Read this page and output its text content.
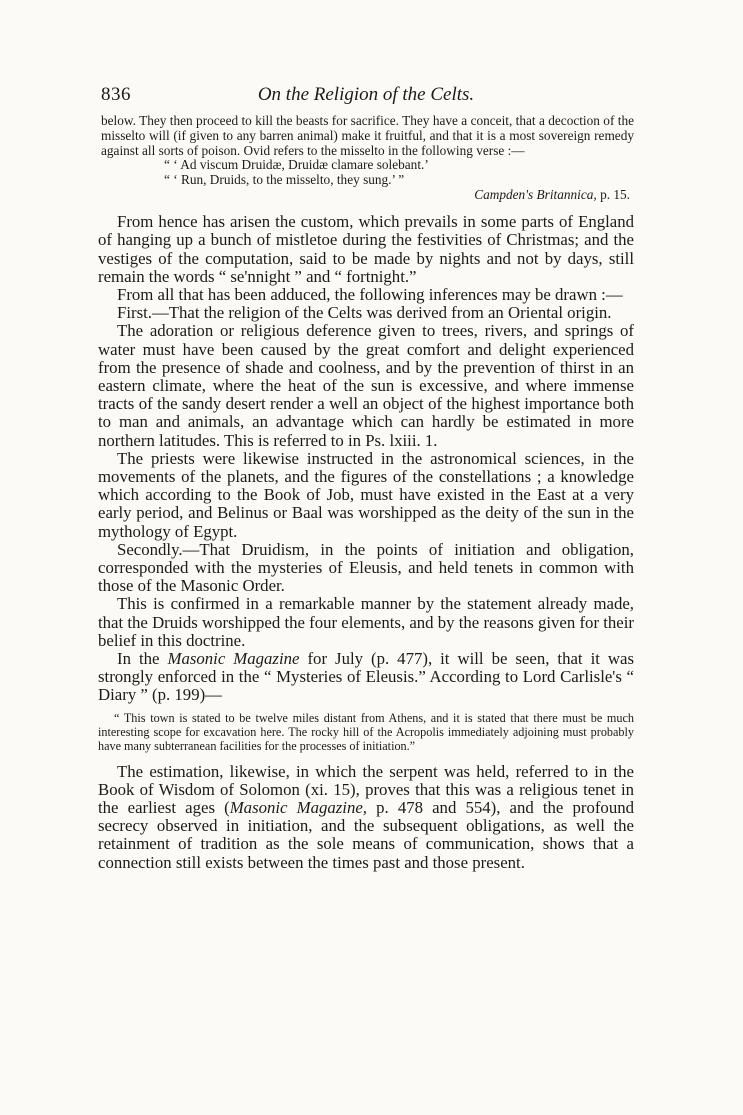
836	On the Religion of the Celts.

below. They then proceed to kill the beasts for sacrifice. They have a conceit, that a decoction of the misselto will (if given to any barren animal) make it fruitful, and that it is a most sovereign remedy against all sorts of poison. Ovid refers to the misselto in the following verse :—

“ ‘ Ad viscum Druidæ, Druidæ clamare solebant.’
“ ‘ Run, Druids, to the misselto, they sung.’ ”
Campden's Britannica, p. 15.

From hence has arisen the custom, which prevails in some parts of England of hanging up a bunch of mistletoe during the festivities of Christmas; and the vestiges of the computation, said to be made by nights and not by days, still remain the words “ se'nnight ” and “ fortnight.”

From all that has been adduced, the following inferences may be drawn :—

First.—That the religion of the Celts was derived from an Oriental origin.

The adoration or religious deference given to trees, rivers, and springs of water must have been caused by the great comfort and delight experienced from the presence of shade and coolness, and by the prevention of thirst in an eastern climate, where the heat of the sun is excessive, and where immense tracts of the sandy desert render a well an object of the highest importance both to man and animals, an advantage which can hardly be estimated in more northern latitudes. This is referred to in Ps. lxiii. 1.

The priests were likewise instructed in the astronomical sciences, in the movements of the planets, and the figures of the constellations ; a knowledge which according to the Book of Job, must have existed in the East at a very early period, and Belinus or Baal was worshipped as the deity of the sun in the mythology of Egypt.

Secondly.—That Druidism, in the points of initiation and obligation, corresponded with the mysteries of Eleusis, and held tenets in common with those of the Masonic Order.

This is confirmed in a remarkable manner by the statement already made, that the Druids worshipped the four elements, and by the reasons given for their belief in this doctrine.

In the Masonic Magazine for July (p. 477), it will be seen, that it was strongly enforced in the “ Mysteries of Eleusis.” According to Lord Carlisle's “ Diary ” (p. 199)—

“ This town is stated to be twelve miles distant from Athens, and it is stated that there must be much interesting scope for excavation here. The rocky hill of the Acropolis immediately adjoining must probably have many subterranean facilities for the processes of initiation.”

The estimation, likewise, in which the serpent was held, referred to in the Book of Wisdom of Solomon (xi. 15), proves that this was a religious tenet in the earliest ages (Masonic Magazine, p. 478 and 554), and the profound secrecy observed in initiation, and the subsequent obligations, as well the retainment of tradition as the sole means of communication, shows that a connection still exists between the times past and those present.
